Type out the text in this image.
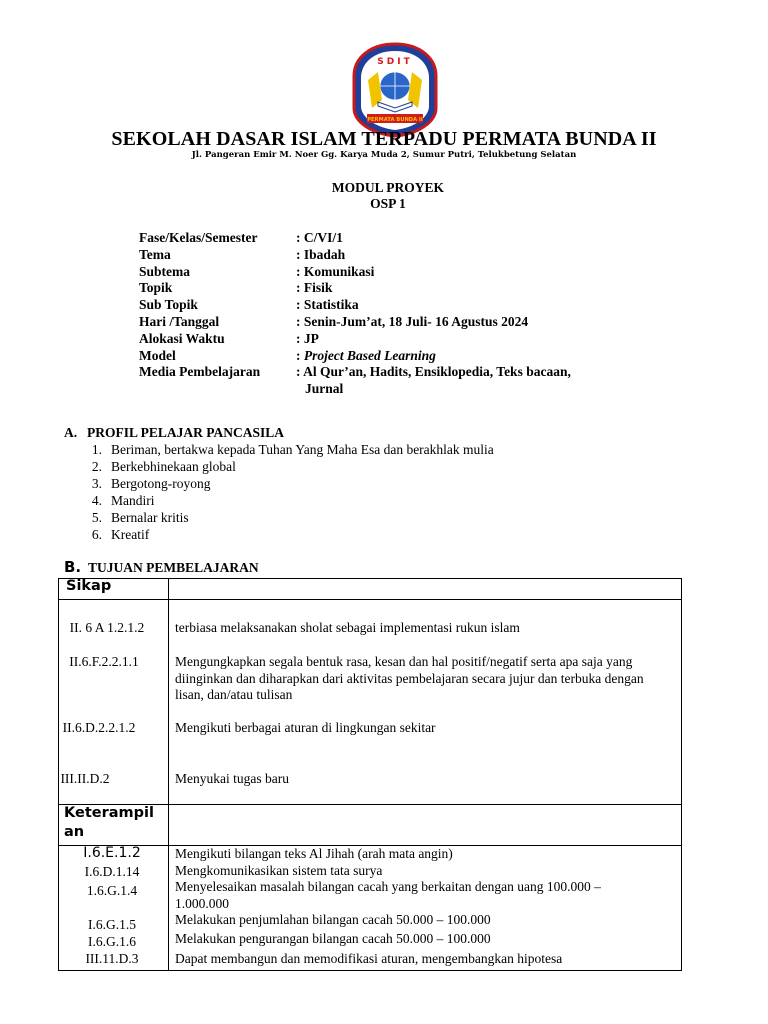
PERMATA BUNDA II
SDIT
SEKOLAH DASAR ISLAM TERPADU PERMATA BUNDA II
Jl. Pangeran Emir M. Noer Gg. Karya Muda 2, Sumur Putri, Telukbetung Selatan
MODUL PROYEK
OSP 1
Fase/Kelas/Semester	: C/VI/1
Tema	: Ibadah
Subtema	: Komunikasi
Topik	: Fisik
Sub Topik	: Statistika
Hari /Tanggal	: Senin-Jum’at, 18 Juli- 16 Agustus 2024
Alokasi Waktu	: JP
Model	: Project Based Learning
Media Pembelajaran	: Al Qur’an, Hadits, Ensiklopedia, Teks bacaan,
Jurnal
A. PROFIL PELAJAR PANCASILA
1. Beriman, bertakwa kepada Tuhan Yang Maha Esa dan berakhlak mulia
2. Berkebhinekaan global
3. Bergotong-royong
4. Mandiri
5. Bernalar kritis
6. Kreatif
B. TUJUAN PEMBELAJARAN
Sikap
II. 6 A 1.2.1.2	terbiasa melaksanakan sholat sebagai implementasi rukun islam
II.6.F.2.2.1.1	Mengungkapkan segala bentuk rasa, kesan dan hal positif/negatif serta apa saja yang diinginkan dan diharapkan dari aktivitas pembelajaran secara jujur dan terbuka dengan lisan, dan/atau tulisan
II.6.D.2.2.1.2	Mengikuti berbagai aturan di lingkungan sekitar
III.II.D.2	Menyukai tugas baru
Keterampil
an
I.6.E.1.2	Mengikuti bilangan teks Al Jihah (arah mata angin)
I.6.D.1.14	Mengkomunikasikan sistem tata surya
1.6.G.1.4	Menyelesaikan masalah bilangan cacah yang berkaitan dengan uang 100.000 –
1.000.000
I.6.G.1.5	Melakukan penjumlahan bilangan cacah 50.000 – 100.000
I.6.G.1.6	Melakukan pengurangan bilangan cacah 50.000 – 100.000
III.11.D.3	Dapat membangun dan memodifikasi aturan, mengembangkan hipotesa
